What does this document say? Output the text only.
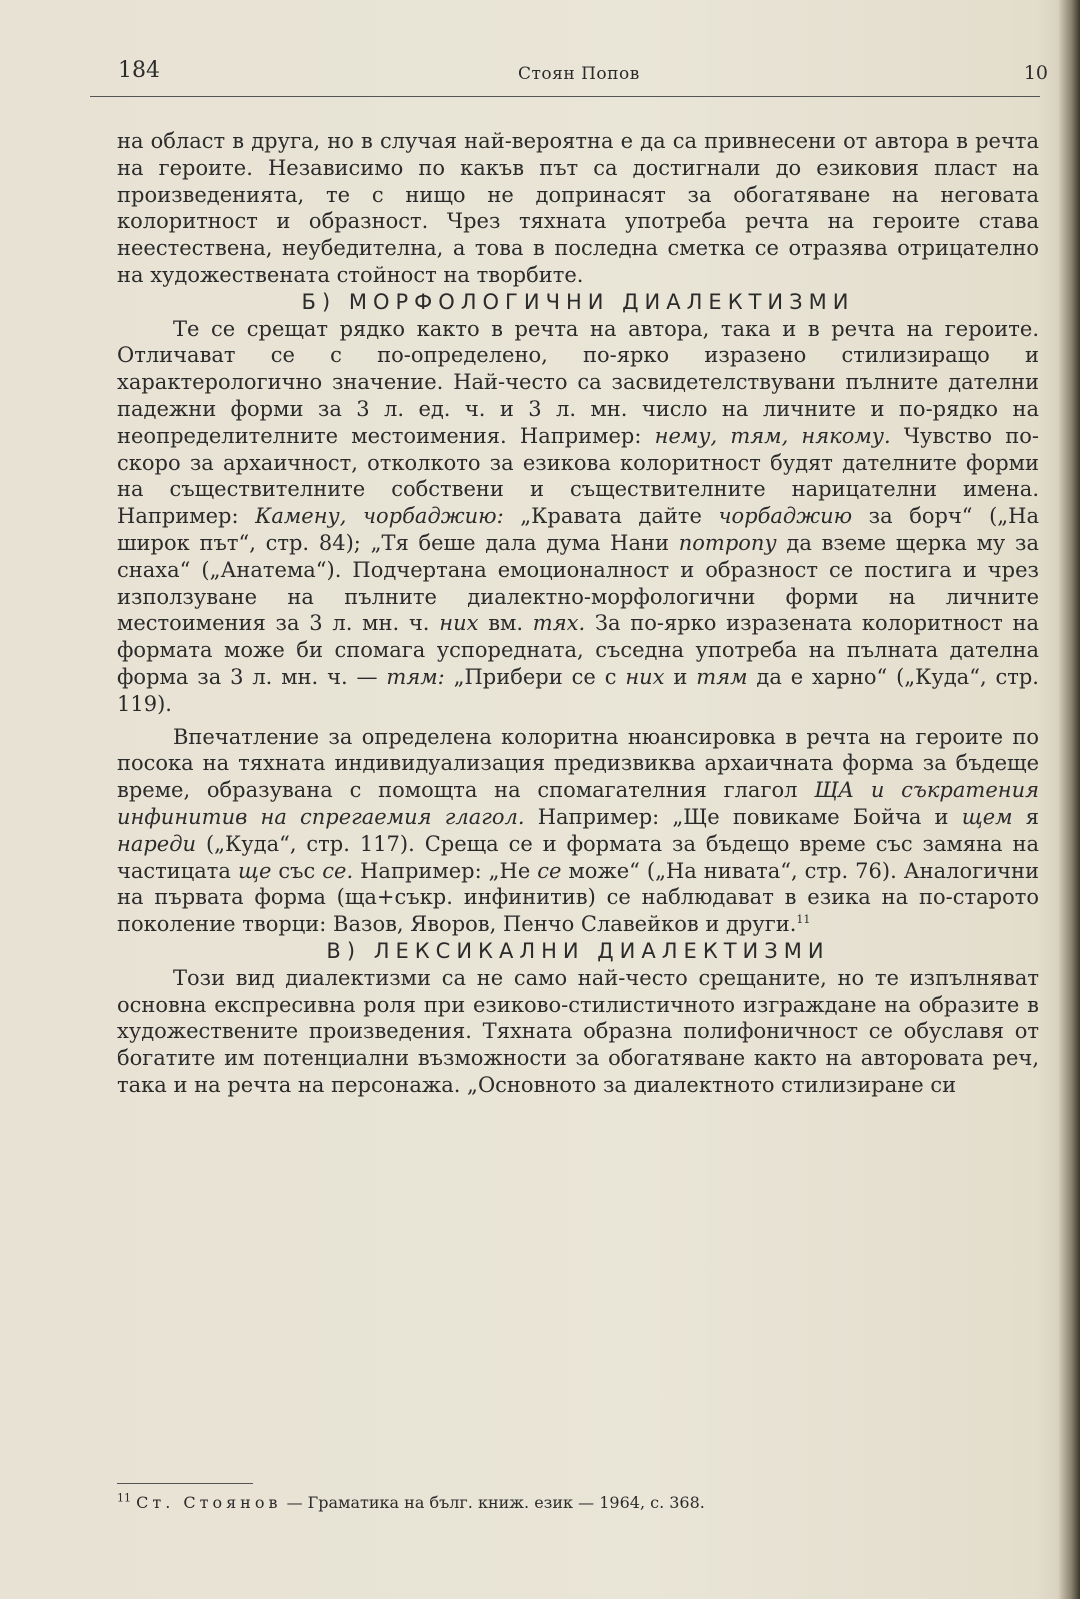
184	Стоян Попов	10

на област в друга, но в случая най-вероятна е да са привнесени от автора в речта на героите. Независимо по какъв път са достигнали до езиковия пласт на произведенията, те с нищо не допринасят за обогатяване на неговата колоритност и образност. Чрез тяхната употреба речта на героите става неестествена, неубедителна, а това в последна сметка се отразява отрицателно на художествената стойност на творбите.

Б) МОРФОЛОГИЧНИ ДИАЛЕКТИЗМИ

Те се срещат рядко както в речта на автора, така и в речта на героите. Отличават се с по-определено, по-ярко изразено стилизиращо и характерологично значение. Най-често са засвидетелствувани пълните дателни падежни форми за 3 л. ед. ч. и 3 л. мн. число на личните и по-рядко на неопределителните местоимения. Например: нему, тям, някому. Чувство по-скоро за архаичност, отколкото за езикова колоритност будят дателните форми на съществителните собствени и съществителните нарицателни имена. Например: Камену, чорбаджию: „Кравата дайте чорбаджию за борч“ („На широк път“, стр. 84); „Тя беше дала дума Нани потропу да вземе щерка му за снаха“ („Анатема“). Подчертана емоционалност и образност се постига и чрез използуване на пълните диалектно-морфологични форми на личните местоимения за 3 л. мн. ч. них вм. тях. За по-ярко изразената колоритност на формата може би спомага успоредната, съседна употреба на пълната дателна форма за 3 л. мн. ч. — тям: „Прибери се с них и тям да е харно“ („Куда“, стр. 119).

Впечатление за определена колоритна нюансировка в речта на героите по посока на тяхната индивидуализация предизвиква архаичната форма за бъдеще време, образувана с помощта на спомагателния глагол ЩА и съкратения инфинитив на спрегаемия глагол. Например: „Ще повикаме Бойча и щем я нареди („Куда“, стр. 117). Среща се и формата за бъдещо време със замяна на частицата ще със се. Например: „Не се може“ („На нивата“, стр. 76). Аналогични на първата форма (ща+съкр. инфинитив) се наблюдават в езика на по-старото поколение творци: Вазов, Яворов, Пенчо Славейков и други.$^{11}$

В) ЛЕКСИКАЛНИ ДИАЛЕКТИЗМИ

Този вид диалектизми са не само най-често срещаните, но те изпълняват основна експресивна роля при езиково-стилистичното изграждане на образите в художествените произведения. Тяхната образна полифоничност се обуславя от богатите им потенциални възможности за обогатяване както на авторовата реч, така и на речта на персонажа. „Основното за диалектното стилизиране си

$^{11}$ Ст. Стоянов — Граматика на бълг. книж. език — 1964, с. 368.
